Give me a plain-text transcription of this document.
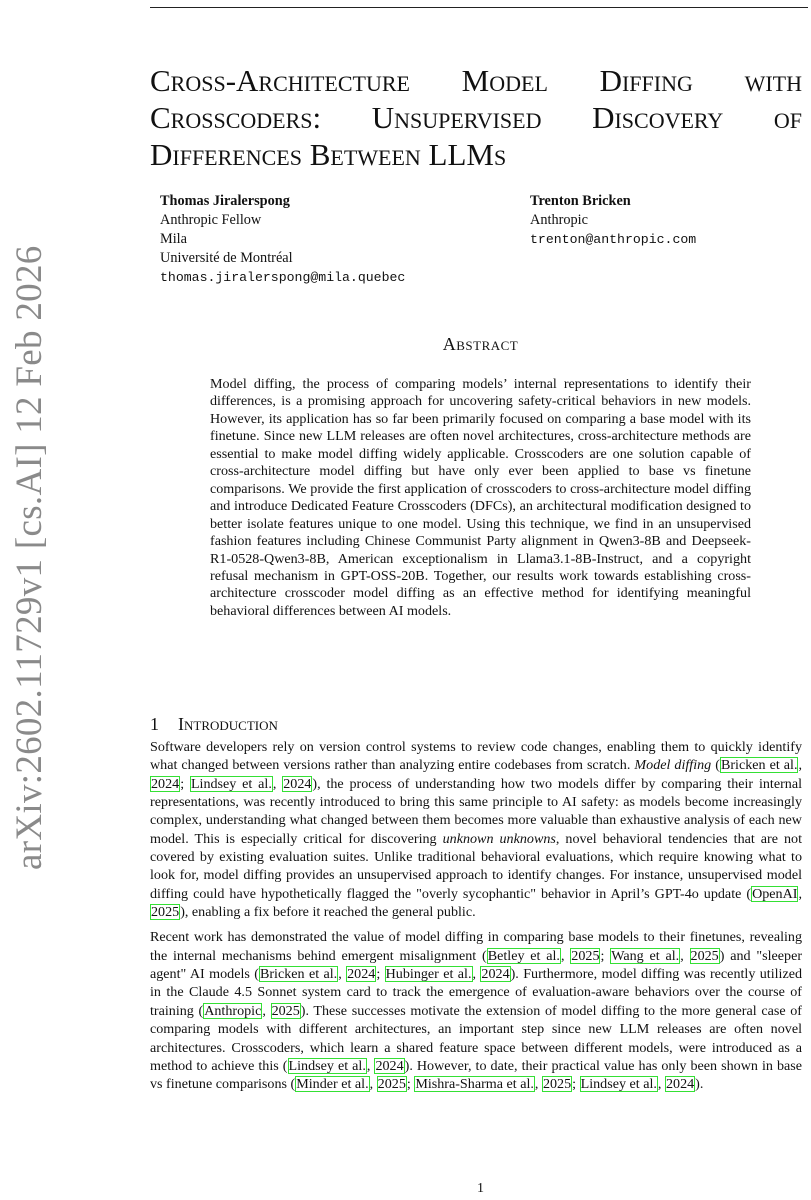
arXiv:2602.11729v1 [cs.AI] 12 Feb 2026
Cross-Architecture Model Diffing with Crosscoders: Unsupervised Discovery of Differences Between LLMs
Thomas Jiralerspong
Anthropic Fellow
Mila
Université de Montréal
thomas.jiralerspong@mila.quebec
Trenton Bricken
Anthropic
trenton@anthropic.com
Abstract
Model diffing, the process of comparing models’ internal representations to identify their differences, is a promising approach for uncovering safety-critical behaviors in new models. However, its application has so far been primarily focused on comparing a base model with its finetune. Since new LLM releases are often novel architectures, cross-architecture methods are essential to make model diffing widely applicable. Crosscoders are one solution capable of cross-architecture model diffing but have only ever been applied to base vs finetune comparisons. We provide the first application of crosscoders to cross-architecture model diffing and introduce Dedicated Feature Crosscoders (DFCs), an architectural modification designed to better isolate features unique to one model. Using this technique, we find in an unsupervised fashion features including Chinese Communist Party alignment in Qwen3-8B and Deepseek-R1-0528-Qwen3-8B, American exceptionalism in Llama3.1-8B-Instruct, and a copyright refusal mechanism in GPT-OSS-20B. Together, our results work towards establishing cross-architecture crosscoder model diffing as an effective method for identifying meaningful behavioral differences between AI models.
1 Introduction

Software developers rely on version control systems to review code changes, enabling them to quickly identify what changed between versions rather than analyzing entire codebases from scratch. Model diffing (Bricken et al., 2024; Lindsey et al., 2024), the process of understanding how two models differ by comparing their internal representations, was recently introduced to bring this same principle to AI safety: as models become increasingly complex, understanding what changed between them becomes more valuable than exhaustive analysis of each new model. This is especially critical for discovering unknown unknowns, novel behavioral tendencies that are not covered by existing evaluation suites. Unlike traditional behavioral evaluations, which require knowing what to look for, model diffing provides an unsupervised approach to identify changes. For instance, unsupervised model diffing could have hypothetically flagged the "overly sycophantic" behavior in April’s GPT-4o update (OpenAI, 2025), enabling a fix before it reached the general public.

Recent work has demonstrated the value of model diffing in comparing base models to their finetunes, revealing the internal mechanisms behind emergent misalignment (Betley et al., 2025; Wang et al., 2025) and "sleeper agent" AI models (Bricken et al., 2024; Hubinger et al., 2024). Furthermore, model diffing was recently utilized in the Claude 4.5 Sonnet system card to track the emergence of evaluation-aware behaviors over the course of training (Anthropic, 2025). These successes motivate the extension of model diffing to the more general case of comparing models with different architectures, an important step since new LLM releases are often novel architectures. Crosscoders, which learn a shared feature space between different models, were introduced as a method to achieve this (Lindsey et al., 2024). However, to date, their practical value has only been shown in base vs finetune comparisons (Minder et al., 2025; Mishra-Sharma et al., 2025; Lindsey et al., 2024).

1
